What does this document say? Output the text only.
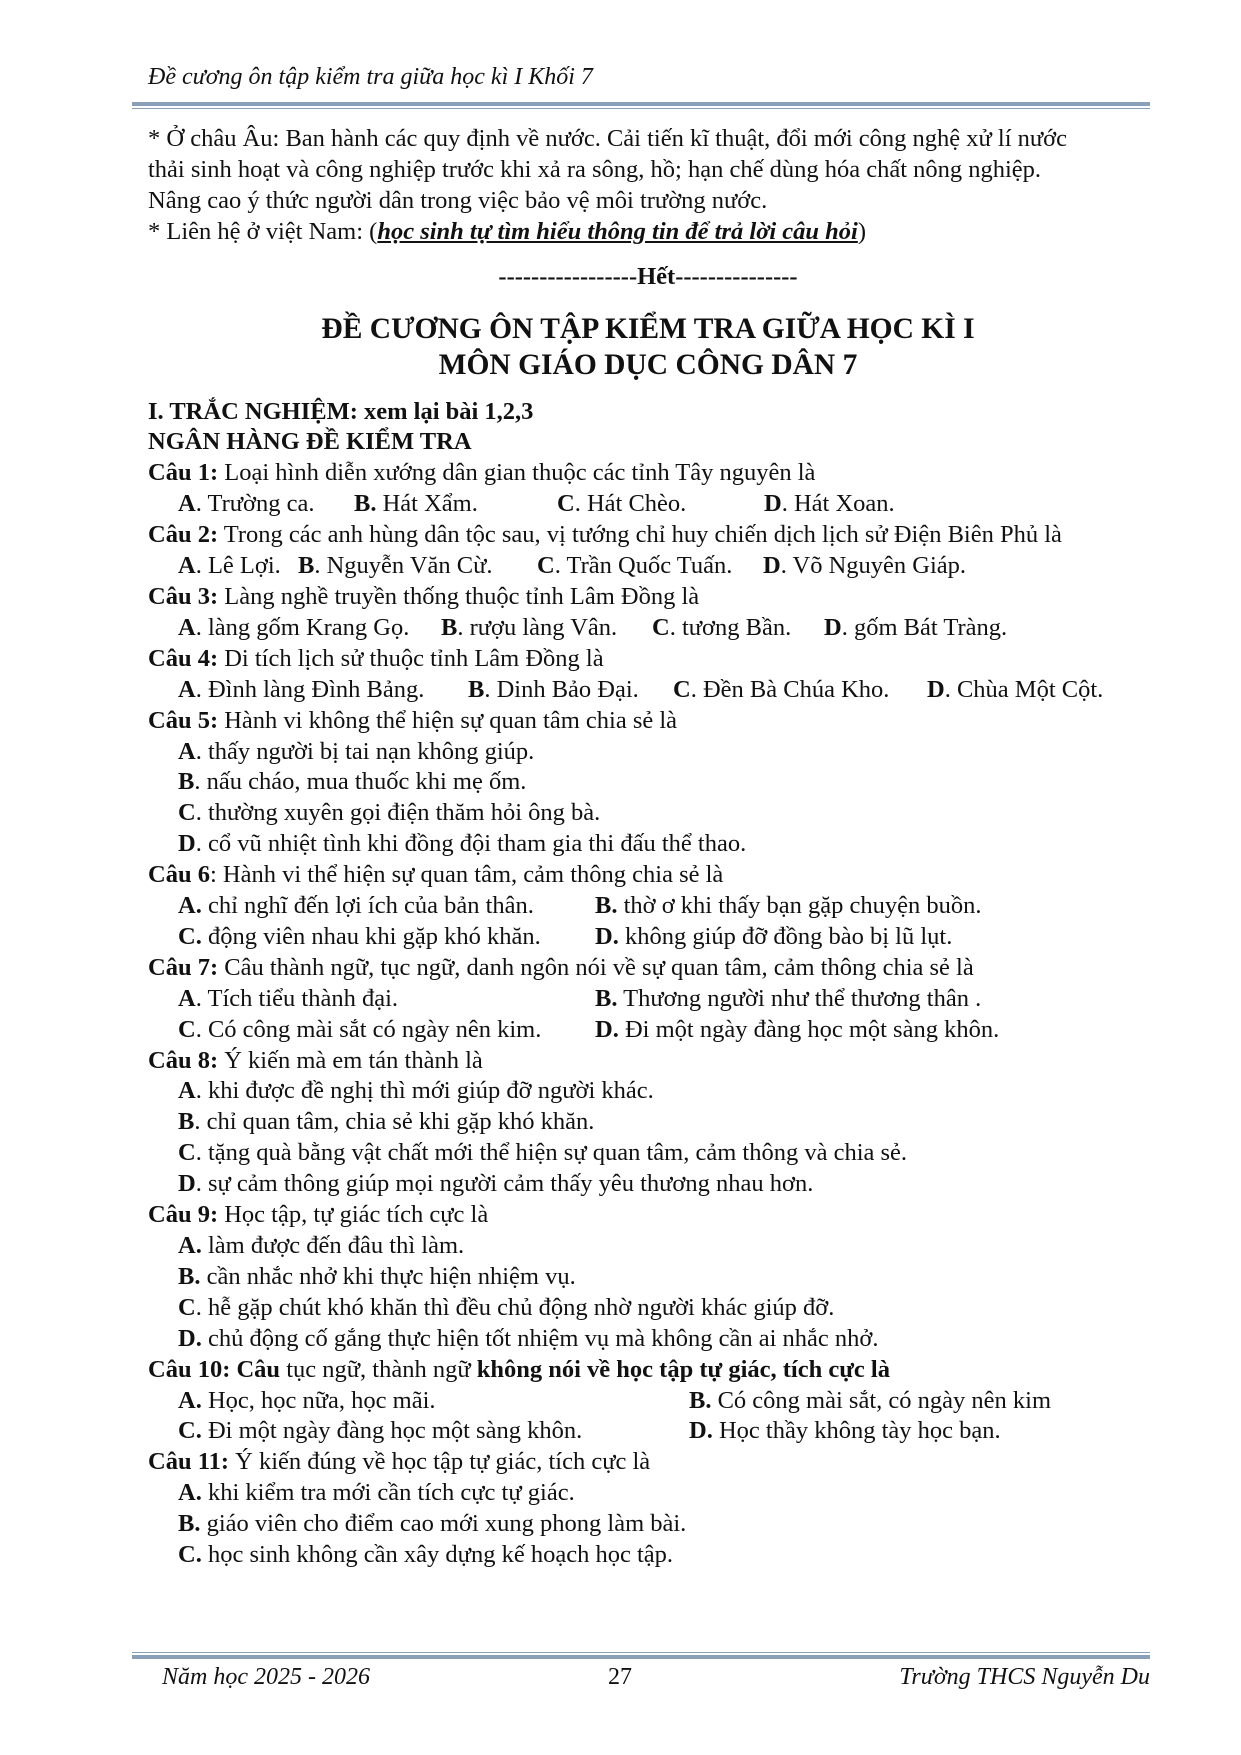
Đề cương ôn tập kiểm tra giữa học kì I Khối 7
* Ở châu Âu: Ban hành các quy định về nước. Cải tiến kĩ thuật, đổi mới công nghệ xử lí nước
thải sinh hoạt và công nghiệp trước khi xả ra sông, hồ; hạn chế dùng hóa chất nông nghiệp.
Nâng cao ý thức người dân trong việc bảo vệ môi trường nước.
* Liên hệ ở việt Nam: (học sinh tự tìm hiểu thông tin để trả lời câu hỏi)
-----------------Hết---------------
ĐỀ CƯƠNG ÔN TẬP KIỂM TRA GIỮA HỌC KÌ I
MÔN GIÁO DỤC CÔNG DÂN 7
I. TRẮC NGHIỆM: xem lại bài 1,2,3
NGÂN HÀNG ĐỀ KIỂM TRA
Câu 1: Loại hình diễn xướng dân gian thuộc các tỉnh Tây nguyên là
A. Trường ca. B. Hát Xẩm.	C. Hát Chèo.	D. Hát Xoan.
Câu 2: Trong các anh hùng dân tộc sau, vị tướng chỉ huy chiến dịch lịch sử Điện Biên Phủ là
A. Lê Lợi. B. Nguyễn Văn Cừ. C. Trần Quốc Tuấn. D. Võ Nguyên Giáp.
Câu 3: Làng nghề truyền thống thuộc tỉnh Lâm Đồng là
A. làng gốm Krang Gọ. B. rượu làng Vân. C. tương Bần. D. gốm Bát Tràng.
Câu 4: Di tích lịch sử thuộc tỉnh Lâm Đồng là
A. Đình làng Đình Bảng. B. Dinh Bảo Đại. C. Đền Bà Chúa Kho. D. Chùa Một Cột.
Câu 5: Hành vi không thể hiện sự quan tâm chia sẻ là
A. thấy người bị tai nạn không giúp.
B. nấu cháo, mua thuốc khi mẹ ốm.
C. thường xuyên gọi điện thăm hỏi ông bà.
D. cổ vũ nhiệt tình khi đồng đội tham gia thi đấu thể thao.
Câu 6: Hành vi thể hiện sự quan tâm, cảm thông chia sẻ là
A. chỉ nghĩ đến lợi ích của bản thân. B. thờ ơ khi thấy bạn gặp chuyện buồn.
C. động viên nhau khi gặp khó khăn. D. không giúp đỡ đồng bào bị lũ lụt.
Câu 7: Câu thành ngữ, tục ngữ, danh ngôn nói về sự quan tâm, cảm thông chia sẻ là
A. Tích tiểu thành đại.	B. Thương người như thể thương thân .
C. Có công mài sắt có ngày nên kim. D. Đi một ngày đàng học một sàng khôn.
Câu 8: Ý kiến mà em tán thành là
A. khi được đề nghị thì mới giúp đỡ người khác.
B. chỉ quan tâm, chia sẻ khi gặp khó khăn.
C. tặng quà bằng vật chất mới thể hiện sự quan tâm, cảm thông và chia sẻ.
D. sự cảm thông giúp mọi người cảm thấy yêu thương nhau hơn.
Câu 9: Học tập, tự giác tích cực là
A. làm được đến đâu thì làm.
B. cần nhắc nhở khi thực hiện nhiệm vụ.
C. hễ gặp chút khó khăn thì đều chủ động nhờ người khác giúp đỡ.
D. chủ động cố gắng thực hiện tốt nhiệm vụ mà không cần ai nhắc nhở.
Câu 10: Câu tục ngữ, thành ngữ không nói về học tập tự giác, tích cực là
A. Học, học nữa, học mãi.	B. Có công mài sắt, có ngày nên kim
C. Đi một ngày đàng học một sàng khôn.	D. Học thầy không tày học bạn.
Câu 11: Ý kiến đúng về học tập tự giác, tích cực là
A. khi kiểm tra mới cần tích cực tự giác.
B. giáo viên cho điểm cao mới xung phong làm bài.
C. học sinh không cần xây dựng kế hoạch học tập.
Năm học 2025 - 2026	27	Trường THCS Nguyễn Du
